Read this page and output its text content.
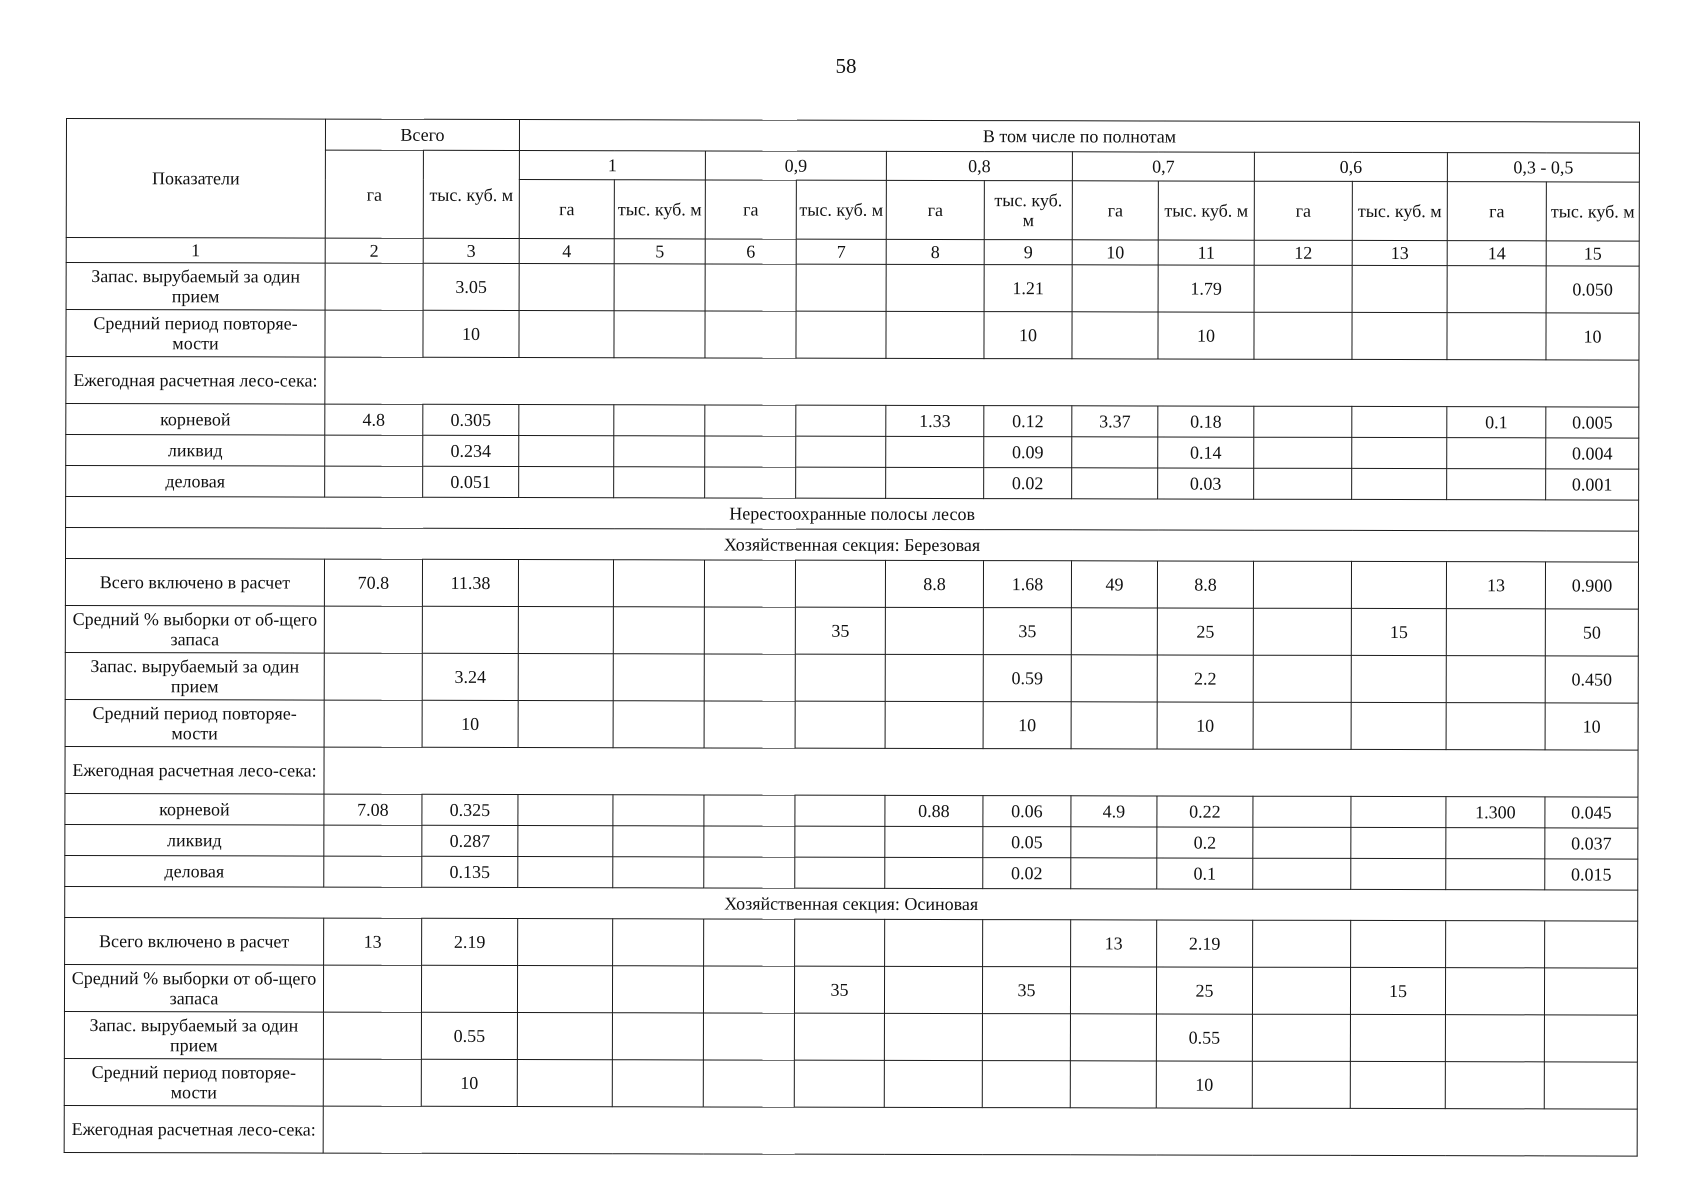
58
Показатели	Всего		В том числе по полнотам											
	га	тыс. куб. м	1		0,9		0,8		0,7		0,6		0,3 - 0,5	
			га	тыс. куб. м	га	тыс. куб. м	га	тыс. куб. м	га	тыс. куб. м	га	тыс. куб. м	га	тыс. куб. м
1	2	3	4	5	6	7	8	9	10	11	12	13	14	15
Запас. вырубаемый за один прием		3.05						1.21		1.79				0.050
Средний период повторяе-мости		10						10		10				10
Ежегодная расчетная лесо-сека:														
корневой	4.8	0.305					1.33	0.12	3.37	0.18			0.1	0.005
ликвид		0.234						0.09		0.14				0.004
деловая		0.051						0.02		0.03				0.001
Нерестоохранные полосы лесов														
Хозяйственная секция: Березовая														
Всего включено в расчет	70.8	11.38					8.8	1.68	49	8.8			13	0.900
Средний % выборки от об-щего запаса						35		35		25		15		50
Запас. вырубаемый за один прием		3.24						0.59		2.2				0.450
Средний период повторяе-мости		10						10		10				10
Ежегодная расчетная лесо-сека:														
корневой	7.08	0.325					0.88	0.06	4.9	0.22			1.300	0.045
ликвид		0.287						0.05		0.2				0.037
деловая		0.135						0.02		0.1				0.015
Хозяйственная секция: Осиновая														
Всего включено в расчет	13	2.19							13	2.19				
Средний % выборки от об-щего запаса						35		35		25		15		
Запас. вырубаемый за один прием		0.55								0.55				
Средний период повторяе-мости		10								10				
Ежегодная расчетная лесо-сека:														
